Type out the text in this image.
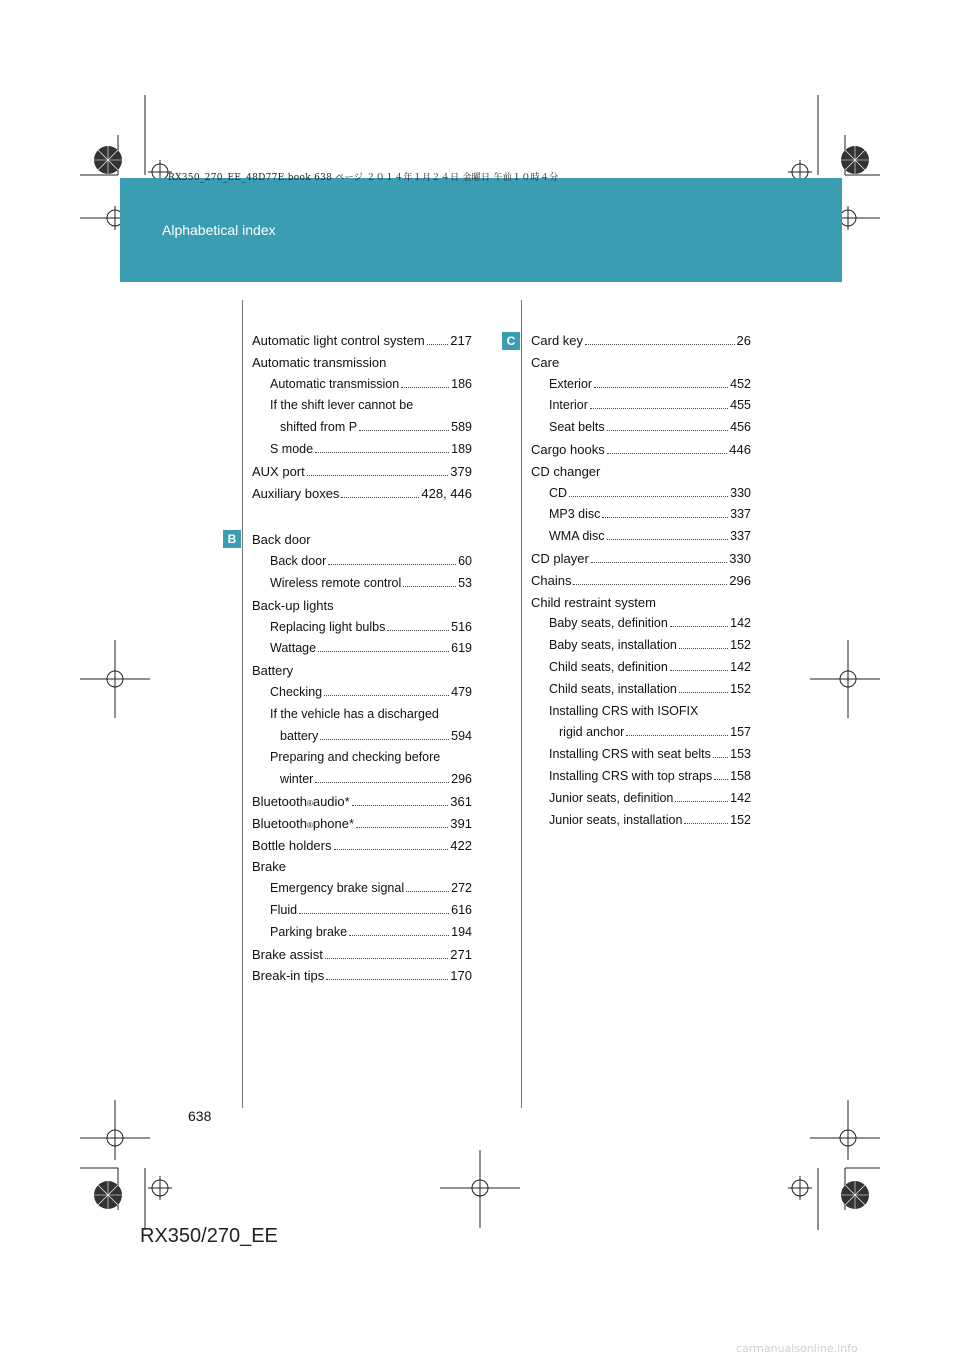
Alphabetical index
RX350_270_EE_48D77E.book 638 ページ ２０１４年１月２４日 金曜日 午前１０時４分
B
C
Automatic light control system 217
Automatic transmission
Automatic transmission	186
If the shift lever cannot be
shifted from P	589
S mode	189
AUX port	379
Auxiliary boxes	428, 446
Back door
Back door	60
Wireless remote control	53
Back-up lights
Replacing light bulbs	516
Wattage	619
Battery
Checking	479
If the vehicle has a discharged
battery	594
Preparing and checking before
winter	296
Bluetooth ® audio*	361
Bluetooth ® phone*	391
Bottle holders	422
Brake
Emergency brake signal	272
Fluid	616
Parking brake	194
Brake assist	271
Break-in tips	170
Card key	26
Care
Exterior	452
Interior	455
Seat belts	456
Cargo hooks	446
CD changer
CD	330
MP3 disc	337
WMA disc	337
CD player	330
Chains	296
Child restraint system
Baby seats, definition	142
Baby seats, installation	152
Child seats, definition	142
Child seats, installation	152
Installing CRS with ISOFIX
rigid anchor	157
Installing CRS with seat belts 153
Installing CRS with top straps 158
Junior seats, definition	142
Junior seats, installation	152
638
RX350/270_EE
carmanualsonline.info
